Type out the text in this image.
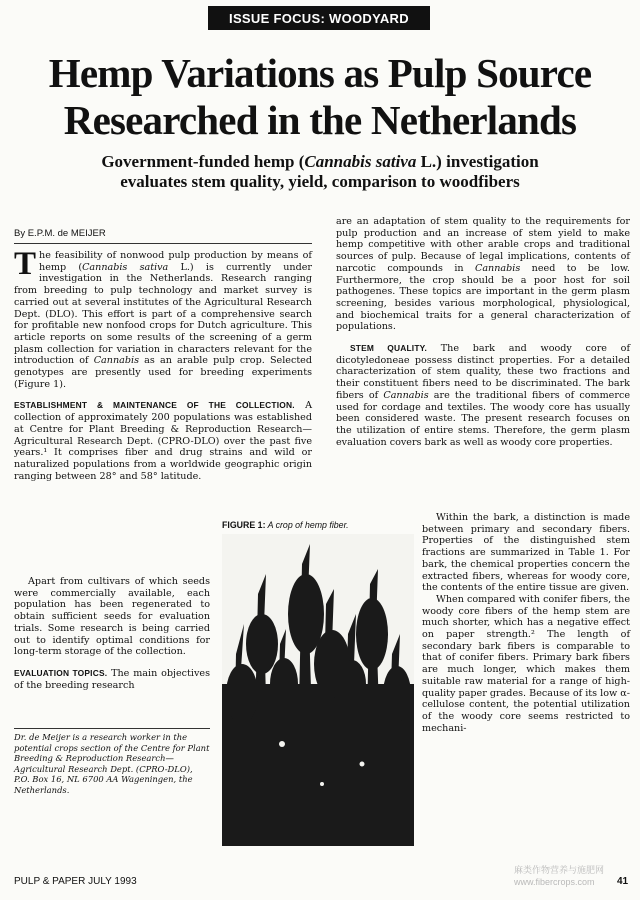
ISSUE FOCUS: WOODYARD
Hemp Variations as Pulp Source
Researched in the Netherlands
Government-funded hemp (Cannabis sativa L.) investigation
evaluates stem quality, yield, comparison to woodfibers
By E.P.M. de MEIJER

The feasibility of nonwood pulp production by means of hemp (Cannabis sativa L.) is currently under investigation in the Netherlands. Research ranging from breeding to pulp technology and market survey is carried out at several institutes of the Agricultural Research Dept. (DLO). This effort is part of a comprehensive search for profitable new nonfood crops for Dutch agriculture. This article reports on some results of the screening of a germ plasm collection for variation in characters relevant for the introduction of Cannabis as an arable pulp crop. Selected genotypes are presently used for breeding experiments (Figure 1).

ESTABLISHMENT & MAINTENANCE OF THE COLLECTION. A collection of approximately 200 populations was established at Centre for Plant Breeding & Reproduction Research—Agricultural Research Dept. (CPRO-DLO) over the past five years.¹ It comprises fiber and drug strains and wild or naturalized populations from a worldwide geographic origin ranging between 28° and 58° latitude.

Apart from cultivars of which seeds were commercially available, each population has been regenerated to obtain sufficient seeds for evaluation trials. Some research is being carried out to identify optimal conditions for long-term storage of the collection.

EVALUATION TOPICS. The main objectives of the breeding research

Dr. de Meijer is a research worker in the potential crops section of the Centre for Plant Breeding & Reproduction Research—Agricultural Research Dept. (CPRO-DLO), P.O. Box 16, NL 6700 AA Wageningen, the Netherlands.
FIGURE 1: A crop of hemp fiber.

are an adaptation of stem quality to the requirements for pulp production and an increase of stem yield to make hemp competitive with other arable crops and traditional sources of pulp. Because of legal implications, contents of narcotic compounds in Cannabis need to be low. Furthermore, the crop should be a poor host for soil pathogenes. These topics are important in the germ plasm screening, besides various morphological, physiological, and biochemical traits for a general characterization of populations.

STEM QUALITY. The bark and woody core of dicotyledoneae possess distinct properties. For a detailed characterization of stem quality, these two fractions and their constituent fibers need to be discriminated. The bark fibers of Cannabis are the traditional fibers of commerce used for cordage and textiles. The woody core has usually been considered waste. The present research focuses on the utilization of entire stems. Therefore, the germ plasm evaluation covers bark as well as woody core properties.

Within the bark, a distinction is made between primary and secondary fibers. Properties of the distinguished stem fractions are summarized in Table 1. For bark, the chemical properties concern the extracted fibers, whereas for woody core, the contents of the entire tissue are given.

When compared with conifer fibers, the woody core fibers of the hemp stem are much shorter, which has a negative effect on paper strength.² The length of secondary bark fibers is comparable to that of conifer fibers. Primary bark fibers are much longer, which makes them suitable raw material for a range of high-quality paper grades. Because of its low α-cellulose content, the potential utilization of the woody core seems restricted to mechani-

PULP & PAPER JULY 1993	41
麻类作物营养与施肥网
www.fibercrops.com
